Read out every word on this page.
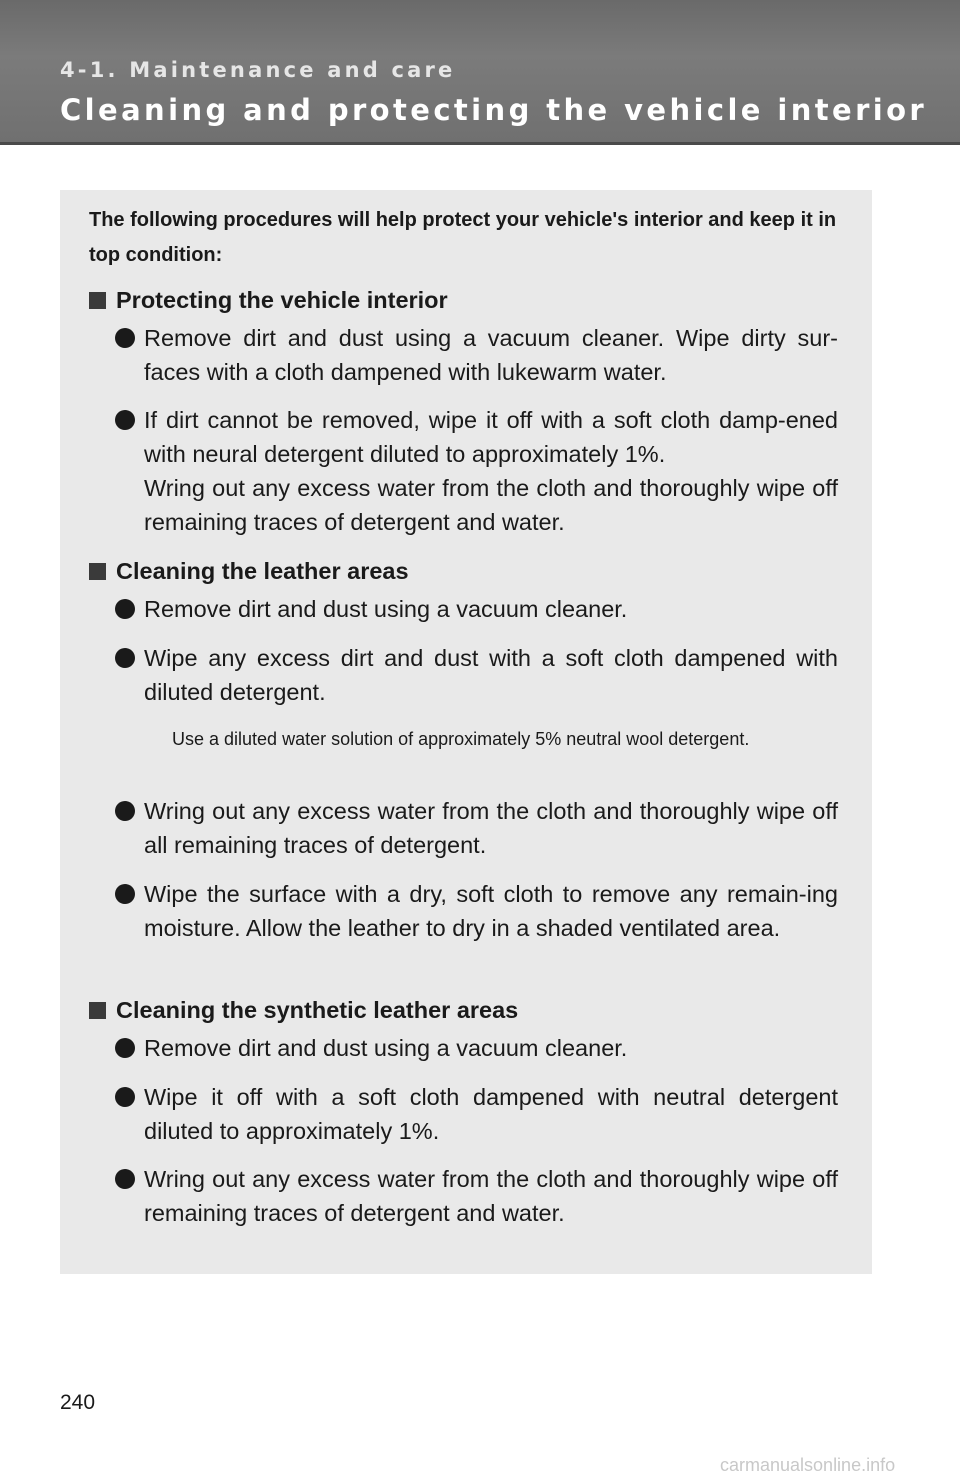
4-1. Maintenance and care
Cleaning and protecting the vehicle interior
The following procedures will help protect your vehicle's interior and keep it in top condition:
Protecting the vehicle interior
Remove dirt and dust using a vacuum cleaner. Wipe dirty sur-faces with a cloth dampened with lukewarm water.
If dirt cannot be removed, wipe it off with a soft cloth damp-ened with neural detergent diluted to approximately 1%.
Wring out any excess water from the cloth and thoroughly wipe off remaining traces of detergent and water.
Cleaning the leather areas
Remove dirt and dust using a vacuum cleaner.
Wipe any excess dirt and dust with a soft cloth dampened with diluted detergent.
Use a diluted water solution of approximately 5% neutral wool detergent.
Wring out any excess water from the cloth and thoroughly wipe off all remaining traces of detergent.
Wipe the surface with a dry, soft cloth to remove any remain-ing moisture. Allow the leather to dry in a shaded ventilated area.
Cleaning the synthetic leather areas
Remove dirt and dust using a vacuum cleaner.
Wipe it off with a soft cloth dampened with neutral detergent diluted to approximately 1%.
Wring out any excess water from the cloth and thoroughly wipe off remaining traces of detergent and water.
240
carmanualsonline.info
